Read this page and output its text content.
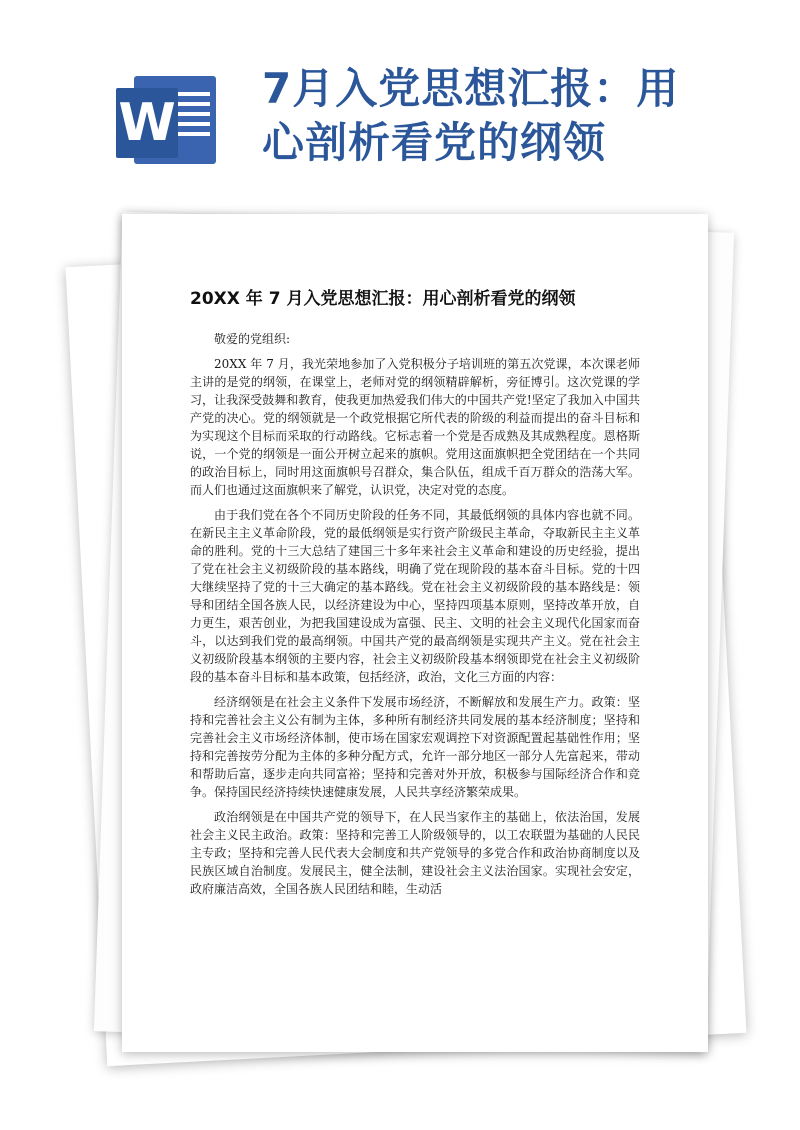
W
7月入党思想汇报：用
心剖析看党的纲领
20XX 年 7 月入党思想汇报：用心剖析看党的纲领

敬爱的党组织:

20XX 年 7 月，我光荣地参加了入党积极分子培训班的第五次党课，本次课老师主讲的是党的纲领，在课堂上，老师对党的纲领精辟解析，旁征博引。这次党课的学习，让我深受鼓舞和教育，使我更加热爱我们伟大的中国共产党!坚定了我加入中国共产党的决心。党的纲领就是一个政党根据它所代表的阶级的利益而提出的奋斗目标和为实现这个目标而采取的行动路线。它标志着一个党是否成熟及其成熟程度。恩格斯说，一个党的纲领是一面公开树立起来的旗帜。党用这面旗帜把全党团结在一个共同的政治目标上，同时用这面旗帜号召群众，集合队伍，组成千百万群众的浩荡大军。而人们也通过这面旗帜来了解党，认识党，决定对党的态度。

由于我们党在各个不同历史阶段的任务不同，其最低纲领的具体内容也就不同。在新民主主义革命阶段，党的最低纲领是实行资产阶级民主革命，夺取新民主主义革命的胜利。党的十三大总结了建国三十多年来社会主义革命和建设的历史经验，提出了党在社会主义初级阶段的基本路线，明确了党在现阶段的基本奋斗目标。党的十四大继续坚持了党的十三大确定的基本路线。党在社会主义初级阶段的基本路线是：领导和团结全国各族人民，以经济建设为中心，坚持四项基本原则，坚持改革开放，自力更生，艰苦创业，为把我国建设成为富强、民主、文明的社会主义现代化国家而奋斗，以达到我们党的最高纲领。中国共产党的最高纲领是实现共产主义。党在社会主义初级阶段基本纲领的主要内容，社会主义初级阶段基本纲领即党在社会主义初级阶段的基本奋斗目标和基本政策，包括经济，政治，文化三方面的内容：

经济纲领是在社会主义条件下发展市场经济，不断解放和发展生产力。政策：坚持和完善社会主义公有制为主体，多种所有制经济共同发展的基本经济制度；坚持和完善社会主义市场经济体制，使市场在国家宏观调控下对资源配置起基础性作用；坚持和完善按劳分配为主体的多种分配方式，允许一部分地区一部分人先富起来，带动和帮助后富，逐步走向共同富裕；坚持和完善对外开放，积极参与国际经济合作和竞争。保持国民经济持续快速健康发展，人民共享经济繁荣成果。

政治纲领是在中国共产党的领导下，在人民当家作主的基础上，依法治国，发展社会主义民主政治。政策：坚持和完善工人阶级领导的，以工农联盟为基础的人民民主专政；坚持和完善人民代表大会制度和共产党领导的多党合作和政治协商制度以及民族区域自治制度。发展民主，健全法制，建设社会主义法治国家。实现社会安定，政府廉洁高效，全国各族人民团结和睦，生动活
